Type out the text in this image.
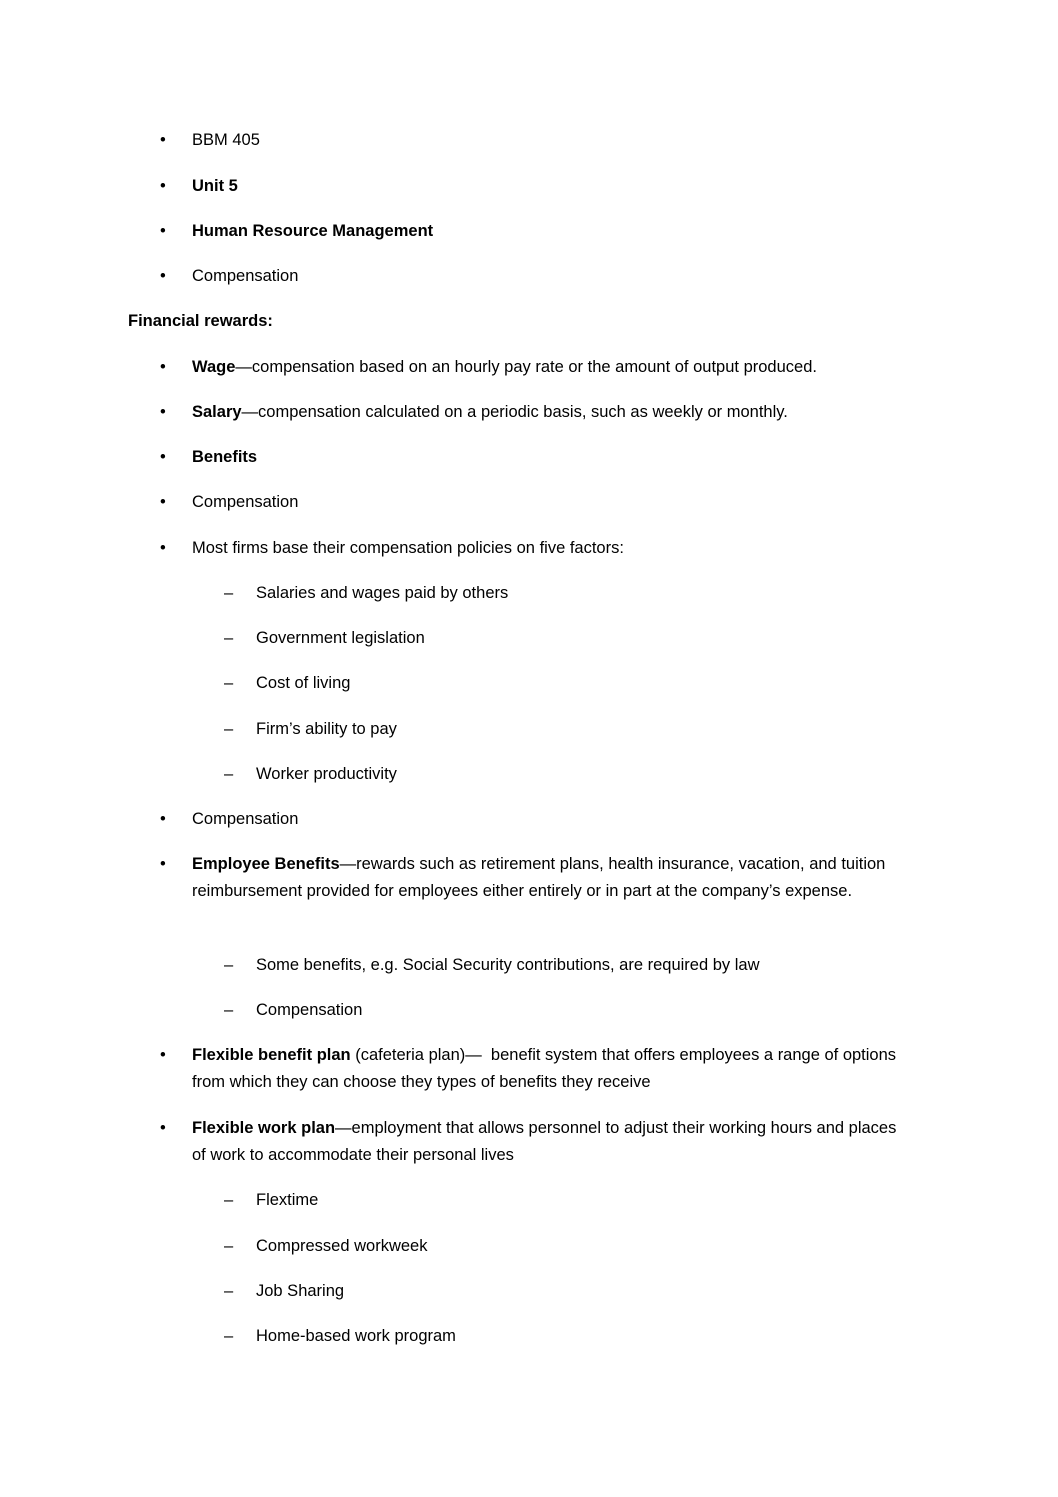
• BBM 405
• Unit 5
• Human Resource Management
• Compensation
Financial rewards:
• Wage—compensation based on an hourly pay rate or the amount of output produced.
• Salary—compensation calculated on a periodic basis, such as weekly or monthly.
• Benefits
• Compensation
• Most firms base their compensation policies on five factors:
– Salaries and wages paid by others
– Government legislation
– Cost of living
– Firm’s ability to pay
– Worker productivity
• Compensation
• Employee Benefits—rewards such as retirement plans, health insurance, vacation, and tuition reimbursement provided for employees either entirely or in part at the company’s expense.
– Some benefits, e.g. Social Security contributions, are required by law
– Compensation
• Flexible benefit plan (cafeteria plan)—  benefit system that offers employees a range of options from which they can choose they types of benefits they receive
• Flexible work plan—employment that allows personnel to adjust their working hours and places of work to accommodate their personal lives
– Flextime
– Compressed workweek
– Job Sharing
– Home-based work program
